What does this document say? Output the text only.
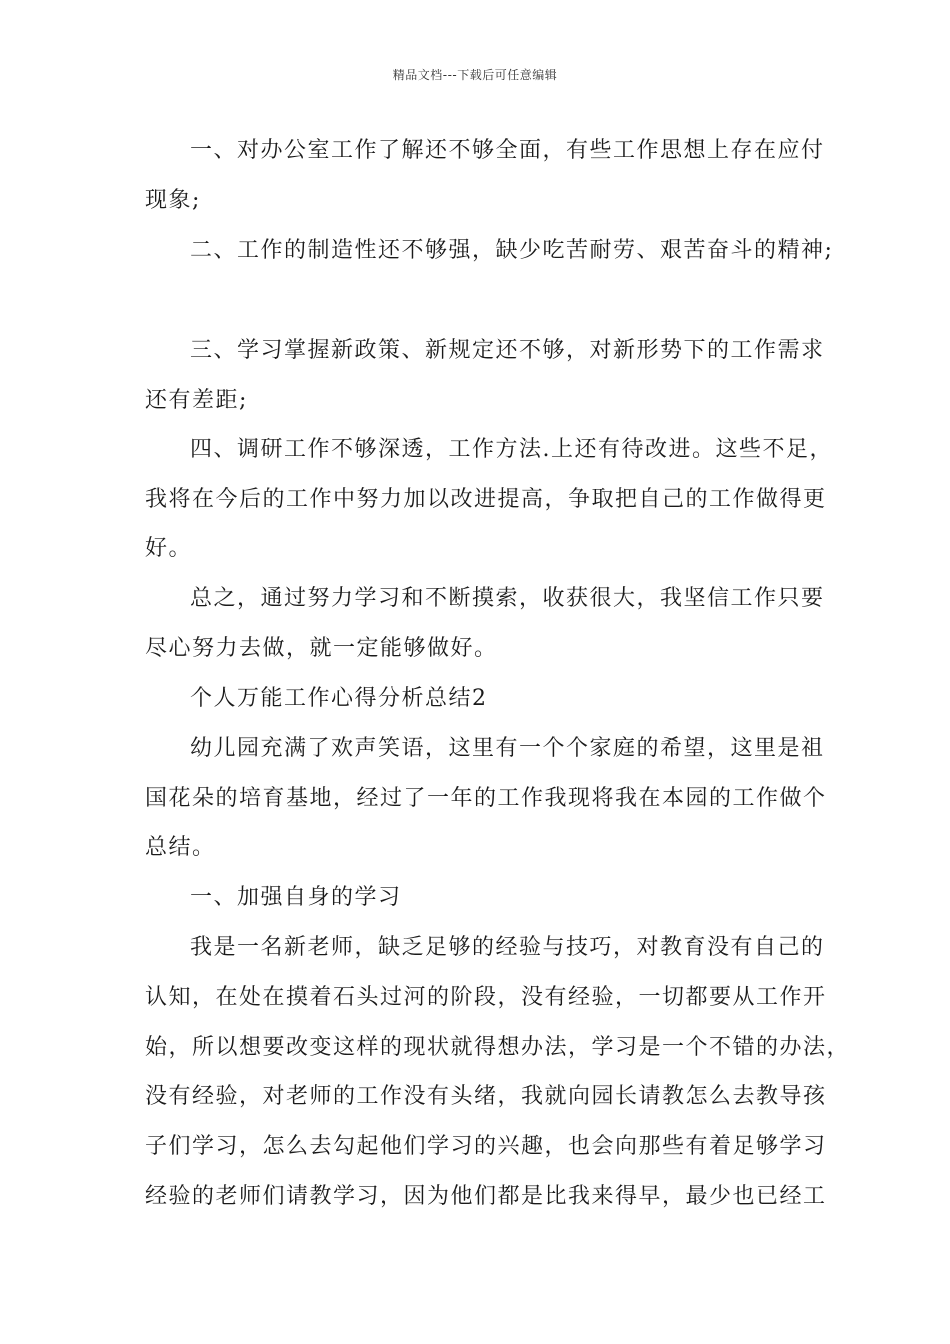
精品文档---下载后可任意编辑
一、对办公室工作了解还不够全面，有些工作思想上存在应付
现象;
二、工作的制造性还不够强，缺少吃苦耐劳、艰苦奋斗的精神;
三、学习掌握新政策、新规定还不够，对新形势下的工作需求
还有差距;
四、调研工作不够深透，工作方法.上还有待改进。这些不足，
我将在今后的工作中努力加以改进提高，争取把自己的工作做得更
好。
总之，通过努力学习和不断摸索，收获很大，我坚信工作只要
尽心努力去做，就一定能够做好。
个人万能工作心得分析总结2
幼儿园充满了欢声笑语，这里有一个个家庭的希望，这里是祖
国花朵的培育基地，经过了一年的工作我现将我在本园的工作做个
总结。
一、加强自身的学习
我是一名新老师，缺乏足够的经验与技巧，对教育没有自己的
认知，在处在摸着石头过河的阶段，没有经验，一切都要从工作开
始，所以想要改变这样的现状就得想办法，学习是一个不错的办法，
没有经验，对老师的工作没有头绪，我就向园长请教怎么去教导孩
子们学习，怎么去勾起他们学习的兴趣，也会向那些有着足够学习
经验的老师们请教学习，因为他们都是比我来得早，最少也已经工
